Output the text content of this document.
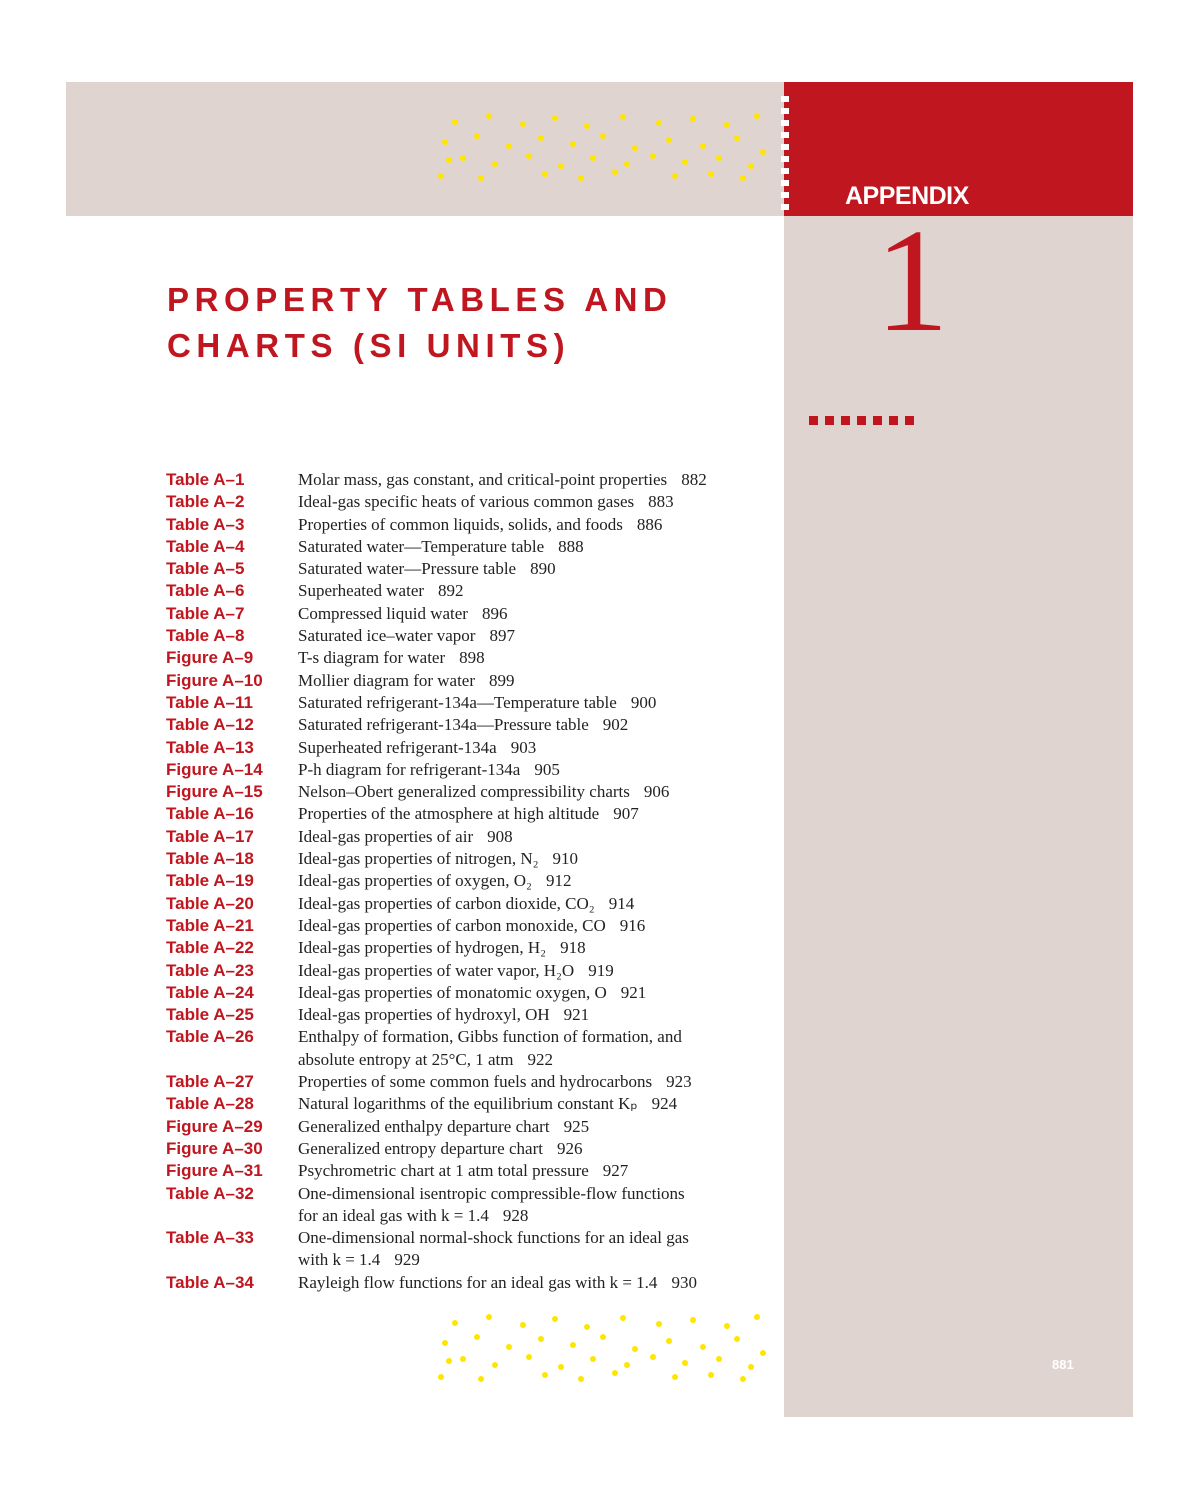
APPENDIX
1
PROPERTY TABLES AND
CHARTS (SI UNITS)
Table A–1	Molar mass, gas constant, and critical-point properties 882
Table A–2	Ideal-gas specific heats of various common gases 883
Table A–3	Properties of common liquids, solids, and foods 886
Table A–4	Saturated water—Temperature table 888
Table A–5	Saturated water—Pressure table 890
Table A–6	Superheated water 892
Table A–7	Compressed liquid water 896
Table A–8	Saturated ice–water vapor 897
Figure A–9	T-s diagram for water 898
Figure A–10	Mollier diagram for water 899
Table A–11	Saturated refrigerant-134a—Temperature table 900
Table A–12	Saturated refrigerant-134a—Pressure table 902
Table A–13	Superheated refrigerant-134a 903
Figure A–14	P-h diagram for refrigerant-134a 905
Figure A–15	Nelson–Obert generalized compressibility charts 906
Table A–16	Properties of the atmosphere at high altitude 907
Table A–17	Ideal-gas properties of air 908
Table A–18	Ideal-gas properties of nitrogen, N₂ 910
Table A–19	Ideal-gas properties of oxygen, O₂ 912
Table A–20	Ideal-gas properties of carbon dioxide, CO₂ 914
Table A–21	Ideal-gas properties of carbon monoxide, CO 916
Table A–22	Ideal-gas properties of hydrogen, H₂ 918
Table A–23	Ideal-gas properties of water vapor, H₂O 919
Table A–24	Ideal-gas properties of monatomic oxygen, O 921
Table A–25	Ideal-gas properties of hydroxyl, OH 921
Table A–26	Enthalpy of formation, Gibbs function of formation, and
absolute entropy at 25°C, 1 atm 922
Table A–27	Properties of some common fuels and hydrocarbons 923
Table A–28	Natural logarithms of the equilibrium constant Kₚ 924
Figure A–29	Generalized enthalpy departure chart 925
Figure A–30	Generalized entropy departure chart 926
Figure A–31	Psychrometric chart at 1 atm total pressure 927
Table A–32	One-dimensional isentropic compressible-flow functions
for an ideal gas with k = 1.4 928
Table A–33	One-dimensional normal-shock functions for an ideal gas
with k = 1.4 929
Table A–34	Rayleigh flow functions for an ideal gas with k = 1.4 930
881
